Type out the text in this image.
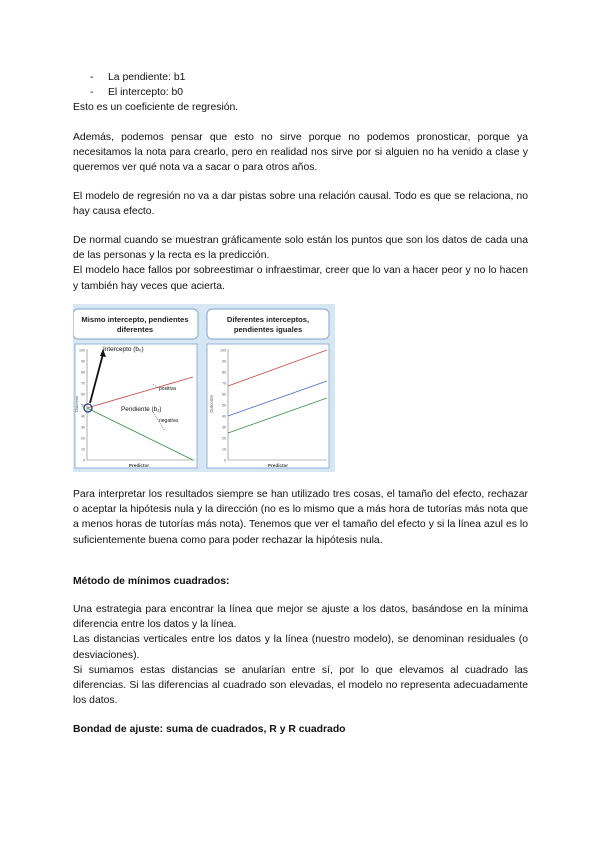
- La pendiente: b1
- El intercepto: b0

Esto es un coeficiente de regresión.

Además, podemos pensar que esto no sirve porque no podemos pronosticar, porque ya necesitamos la nota para crearlo, pero en realidad nos sirve por si alguien no ha venido a clase y queremos ver qué nota va a sacar o para otros años.

El modelo de regresión no va a dar pistas sobre una relación causal. Todo es que se relaciona, no hay causa efecto.

De normal cuando se muestran gráficamente solo están los puntos que son los datos de cada una de las personas y la recta es la predicción.
El modelo hace fallos por sobreestimar o infraestimar, creer que lo van a hacer peor y no lo hacen y también hay veces que acierta.
Mismo intercepto, pendientes
diferentes
100
90
80
70
60
50
40
30
20
10
0
Outcome
Predictor
Intercepto (b₀)
Pendiente (b₁)
positiva
negativa
Diferentes interceptos,
pendientes iguales
100
90
80
70
60
50
40
30
20
10
0
Outcome
Predictor

Para interpretar los resultados siempre se han utilizado tres cosas, el tamaño del efecto, rechazar o aceptar la hipótesis nula y la dirección (no es lo mismo que a más hora de tutorías más nota que a menos horas de tutorías más nota). Tenemos que ver el tamaño del efecto y si la línea azul es lo suficientemente buena como para poder rechazar la hipótesis nula.

Método de mínimos cuadrados:

Una estrategia para encontrar la línea que mejor se ajuste a los datos, basándose en la mínima diferencia entre los datos y la línea.
Las distancias verticales entre los datos y la línea (nuestro modelo), se denominan residuales (o desviaciones).
Si sumamos estas distancias se anularían entre sí, por lo que elevamos al cuadrado las diferencias. Si las diferencias al cuadrado son elevadas, el modelo no representa adecuadamente los datos.

Bondad de ajuste: suma de cuadrados, R y R cuadrado
